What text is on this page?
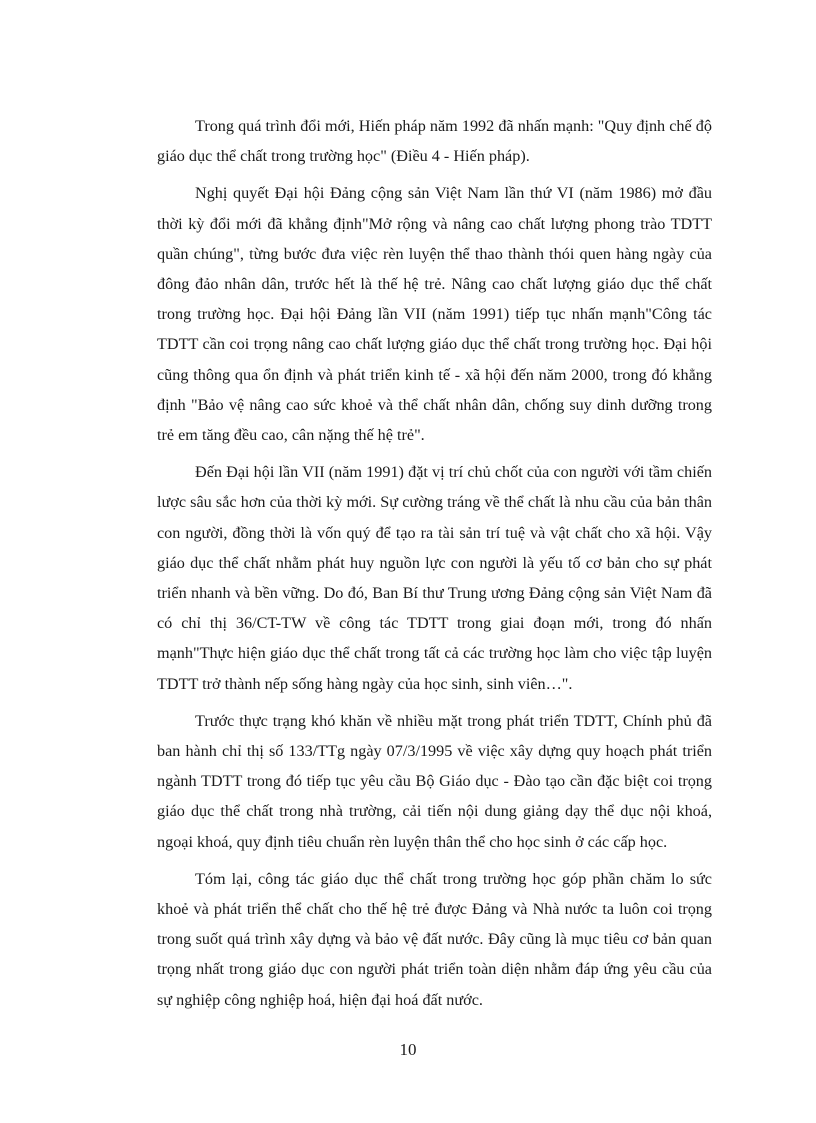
Trong quá trình đổi mới, Hiến pháp năm 1992 đã nhấn mạnh: "Quy định chế độ giáo dục thể chất trong trường học" (Điều 4 - Hiến pháp).

Nghị quyết Đại hội Đảng cộng sản Việt Nam lần thứ VI (năm 1986) mở đầu thời kỳ đổi mới đã khẳng định"Mở rộng và nâng cao chất lượng phong trào TDTT quần chúng", từng bước đưa việc rèn luyện thể thao thành thói quen hàng ngày của đông đảo nhân dân, trước hết là thế hệ trẻ. Nâng cao chất lượng giáo dục thể chất trong trường học. Đại hội Đảng lần VII (năm 1991) tiếp tục nhấn mạnh"Công tác TDTT cần coi trọng nâng cao chất lượng giáo dục thể chất trong trường học. Đại hội cũng thông qua ổn định và phát triển kinh tế - xã hội đến năm 2000, trong đó khẳng định "Bảo vệ nâng cao sức khoẻ và thể chất nhân dân, chống suy dinh dưỡng trong trẻ em tăng đều cao, cân nặng thế hệ trẻ".

Đến Đại hội lần VII (năm 1991) đặt vị trí chủ chốt của con người với tầm chiến lược sâu sắc hơn của thời kỳ mới. Sự cường tráng về thể chất là nhu cầu của bản thân con người, đồng thời là vốn quý để tạo ra tài sản trí tuệ và vật chất cho xã hội. Vậy giáo dục thể chất nhằm phát huy nguồn lực con người là yếu tố cơ bản cho sự phát triển nhanh và bền vững. Do đó, Ban Bí thư Trung ương Đảng cộng sản Việt Nam đã có chỉ thị 36/CT-TW về công tác TDTT trong giai đoạn mới, trong đó nhấn mạnh"Thực hiện giáo dục thể chất trong tất cả các trường học làm cho việc tập luyện TDTT trở thành nếp sống hàng ngày của học sinh, sinh viên…".

Trước thực trạng khó khăn về nhiều mặt trong phát triển TDTT, Chính phủ đã ban hành chỉ thị số 133/TTg ngày 07/3/1995 về việc xây dựng quy hoạch phát triển ngành TDTT trong đó tiếp tục yêu cầu Bộ Giáo dục - Đào tạo cần đặc biệt coi trọng giáo dục thể chất trong nhà trường, cải tiến nội dung giảng dạy thể dục nội khoá, ngoại khoá, quy định tiêu chuẩn rèn luyện thân thể cho học sinh ở các cấp học.

Tóm lại, công tác giáo dục thể chất trong trường học góp phần chăm lo sức khoẻ và phát triển thể chất cho thế hệ trẻ được Đảng và Nhà nước ta luôn coi trọng trong suốt quá trình xây dựng và bảo vệ đất nước. Đây cũng là mục tiêu cơ bản quan trọng nhất trong giáo dục con người phát triển toàn diện nhằm đáp ứng yêu cầu của sự nghiệp công nghiệp hoá, hiện đại hoá đất nước.

10
